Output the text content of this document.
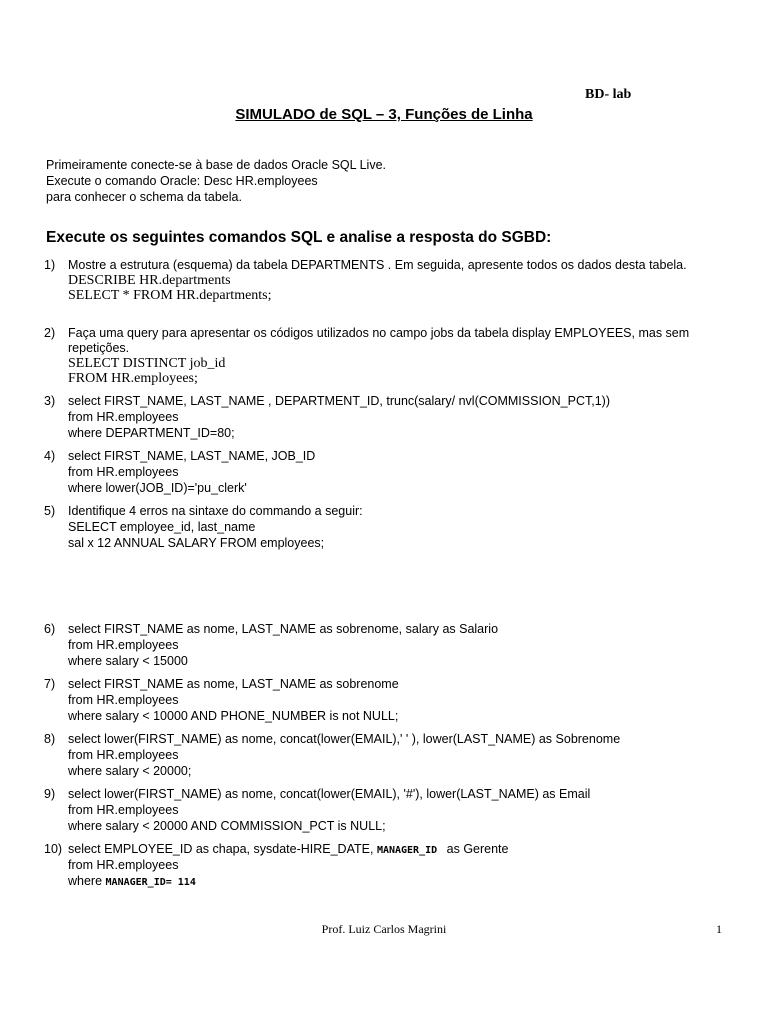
BD- lab
SIMULADO de SQL – 3, Funções de Linha
Primeiramente conecte-se à base de dados Oracle SQL Live.
Execute o comando Oracle: Desc HR.employees
para conhecer o schema da tabela.
Execute os seguintes comandos SQL e analise a resposta do SGBD:
1)	Mostre a estrutura (esquema) da tabela DEPARTMENTS . Em seguida, apresente todos os dados desta tabela.
DESCRIBE HR.departments
SELECT * FROM HR.departments;
2)	Faça uma query para apresentar os códigos utilizados no campo jobs da tabela display EMPLOYEES, mas sem
repetições.
SELECT DISTINCT job_id
FROM HR.employees;
3)	select FIRST_NAME, LAST_NAME , DEPARTMENT_ID, trunc(salary/ nvl(COMMISSION_PCT,1))
from HR.employees
where DEPARTMENT_ID=80;
4)	select FIRST_NAME, LAST_NAME, JOB_ID
from HR.employees
where lower(JOB_ID)='pu_clerk'
5)	Identifique 4 erros na sintaxe do commando a seguir:
SELECT employee_id, last_name
sal x 12 ANNUAL SALARY FROM employees;
6)	select FIRST_NAME as nome, LAST_NAME as sobrenome, salary as Salario
from HR.employees
where salary < 15000
7)	select FIRST_NAME as nome, LAST_NAME as sobrenome
from HR.employees
where salary < 10000 AND PHONE_NUMBER is not NULL;
8)	select lower(FIRST_NAME) as nome, concat(lower(EMAIL),' ' ), lower(LAST_NAME) as Sobrenome
from HR.employees
where salary < 20000;
9)	select lower(FIRST_NAME) as nome, concat(lower(EMAIL), '#'), lower(LAST_NAME) as Email
from HR.employees
where salary < 20000 AND COMMISSION_PCT is NULL;
10) select EMPLOYEE_ID as chapa, sysdate-HIRE_DATE, MANAGER_ID as Gerente
from HR.employees
where MANAGER_ID= 114
Prof. Luiz Carlos Magrini	1
